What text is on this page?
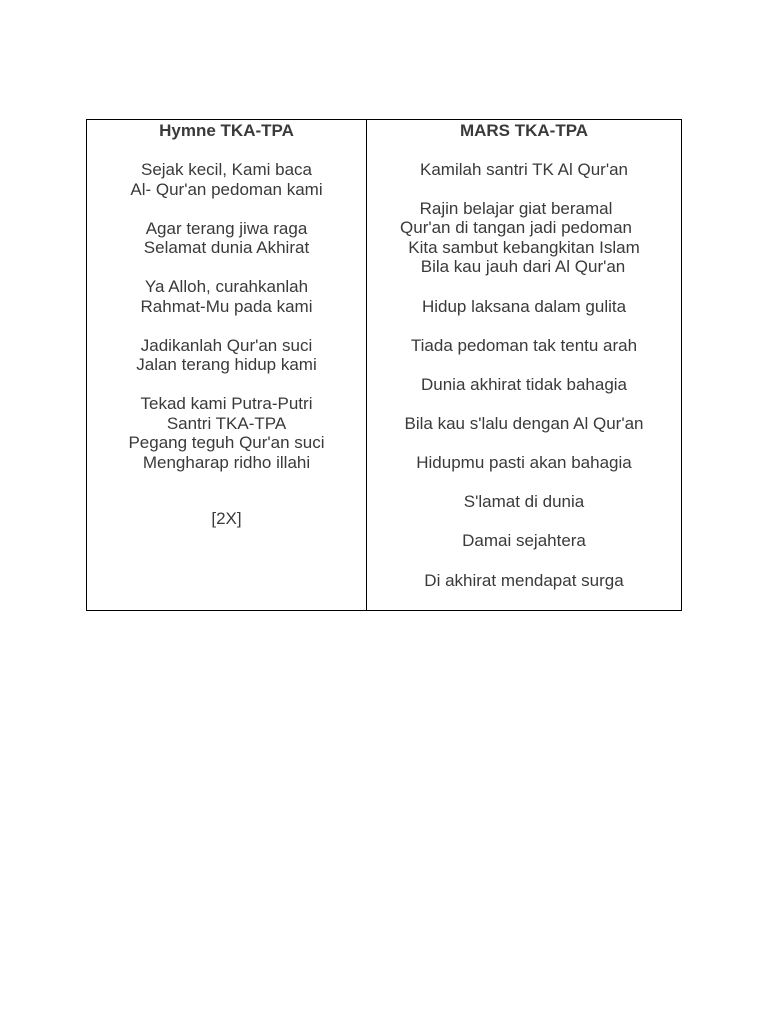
Hymne TKA-TPA
Sejak kecil, Kami baca
Al- Qur'an pedoman kami
Agar terang jiwa raga
Selamat dunia Akhirat
Ya Alloh, curahkanlah
Rahmat-Mu pada kami
Jadikanlah Qur'an suci
Jalan terang hidup kami
Tekad kami Putra-Putri
Santri TKA-TPA
Pegang teguh Qur'an suci
Mengharap ridho illahi
[2X]
MARS TKA-TPA
Kamilah santri TK Al Qur'an
Rajin belajar giat beramal
Qur'an di tangan jadi pedoman
Kita sambut kebangkitan Islam
Bila kau jauh dari Al Qur'an
Hidup laksana dalam gulita
Tiada pedoman tak tentu arah
Dunia akhirat tidak bahagia
Bila kau s'lalu dengan Al Qur'an
Hidupmu pasti akan bahagia
S'lamat di dunia
Damai sejahtera
Di akhirat mendapat surga
